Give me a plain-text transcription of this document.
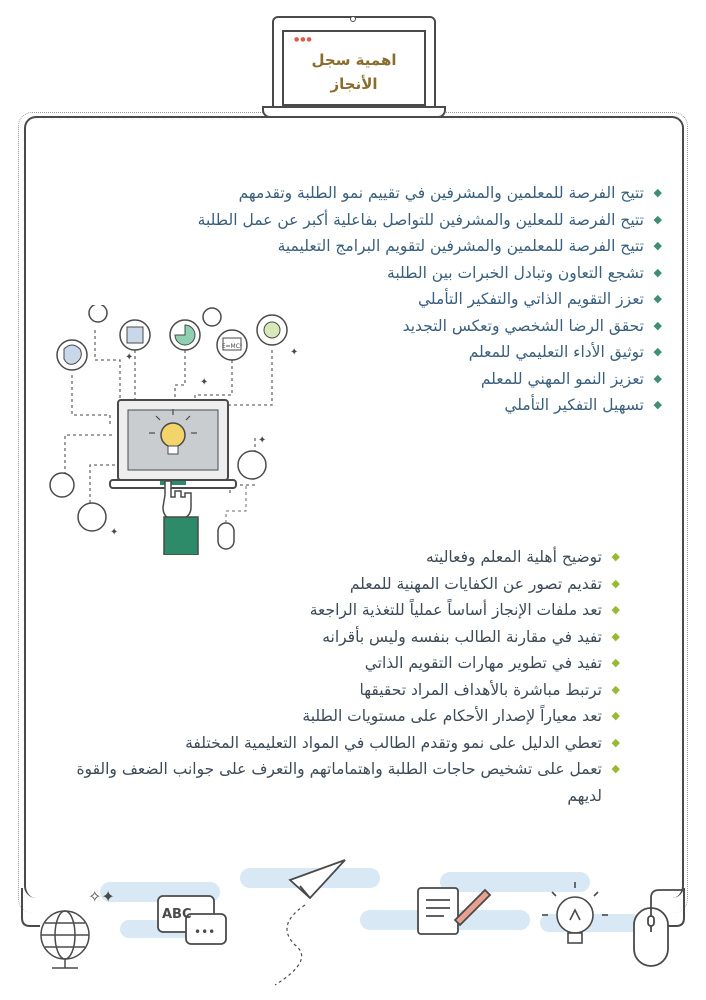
●●●
اهمية سجل
الأنجاز
◆
تتيح الفرصة للمعلمين والمشرفين في تقييم نمو الطلبة وتقدمهم
◆
تتيح الفرصة للمعلين والمشرفين للتواصل بفاعلية أكبر عن عمل الطلبة
◆
تتيح الفرصة للمعلمين والمشرفين لتقويم البرامج التعليمية
◆
تشجع التعاون وتبادل الخبرات بين الطلبة
◆
تعزز التقويم الذاتي والتفكير التأملي
◆
تحقق الرضا الشخصي وتعكس التجديد
◆
توثيق الأداء التعليمي للمعلم
◆
تعزيز النمو المهني للمعلم
◆
تسهيل التفكير التأملي
E=MC²
✦
✦
✦
✦
✦
◆
توضيح أهلية المعلم وفعاليته
◆
تقديم تصور عن الكفايات المهنية للمعلم
◆
تعد ملفات الإنجاز أساساً عملياً للتغذية الراجعة
◆
تفيد في مقارنة الطالب بنفسه وليس بأقرانه
◆
تفيد في تطوير مهارات التقويم الذاتي
◆
ترتبط مباشرة بالأهداف المراد تحقيقها
◆
تعد معياراً لإصدار الأحكام على مستويات الطلبة
◆
تعطي الدليل على نمو وتقدم الطالب في المواد التعليمية المختلفة
◆
تعمل على تشخيص حاجات الطلبة واهتماماتهم والتعرف على جوانب الضعف والقوة لديهم
✧✦
ABC
•••
